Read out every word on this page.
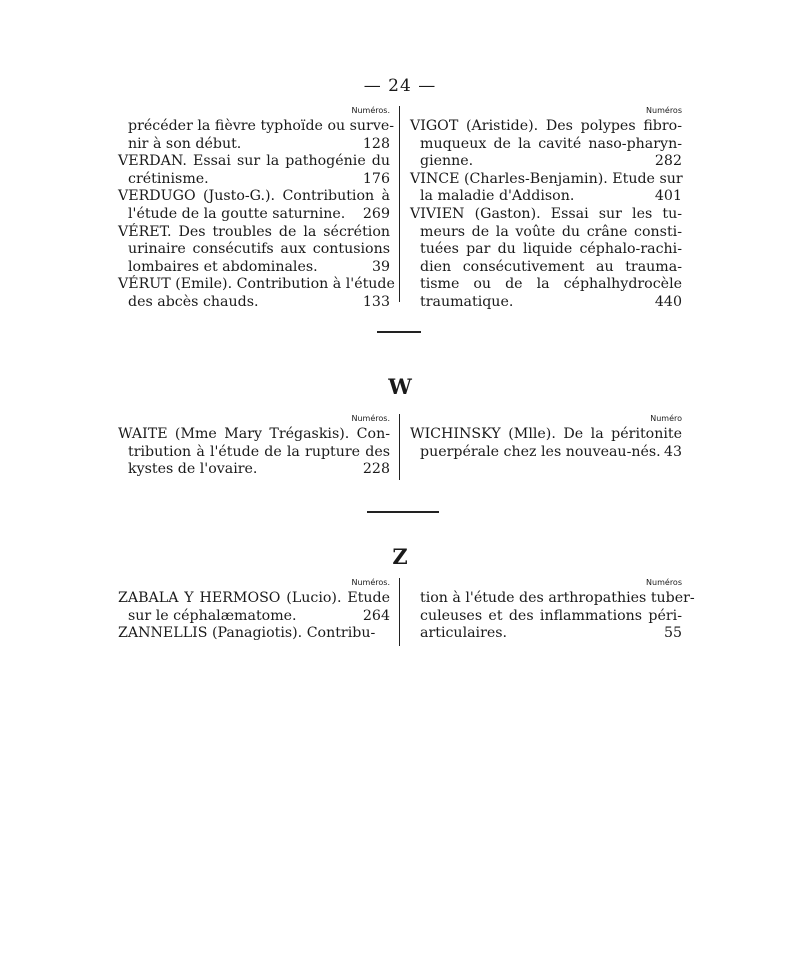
— 24 —
Numéros.
précéder la fièvre typhoïde ou surve-
nir à son début.	128
VERDAN. Essai sur la pathogénie du
crétinisme.	176
VERDUGO (Justo-G.). Contribution à
l'étude de la goutte saturnine. 269
VÉRET. Des troubles de la sécrétion
urinaire consécutifs aux contusions
lombaires et abdominales.	39
VÉRUT (Emile). Contribution à l'étude
des abcès chauds.	133
Numéros
VIGOT (Aristide). Des polypes fibro-
muqueux de la cavité naso-pharyn-
gienne.	282
VINCE (Charles-Benjamin). Etude sur
la maladie d'Addison.	401
VIVIEN (Gaston). Essai sur les tu-
meurs de la voûte du crâne consti-
tuées par du liquide céphalo-rachi-
dien consécutivement au trauma-
tisme ou de la céphalhydrocèle
traumatique.	440
W
Numéros.
WAITE (Mme Mary Trégaskis). Con-
tribution à l'étude de la rupture des
kystes de l'ovaire.	228
Numéro
WICHINSKY (Mlle). De la péritonite
puerpérale chez les nouveau-nés. 43
Z
Numéros.
ZABALA Y HERMOSO (Lucio). Etude
sur le céphalæmatome.	264
ZANNELLIS (Panagiotis). Contribu-
Numéros
tion à l'étude des arthropathies tuber-
culeuses et des inflammations péri-
articulaires.	55
